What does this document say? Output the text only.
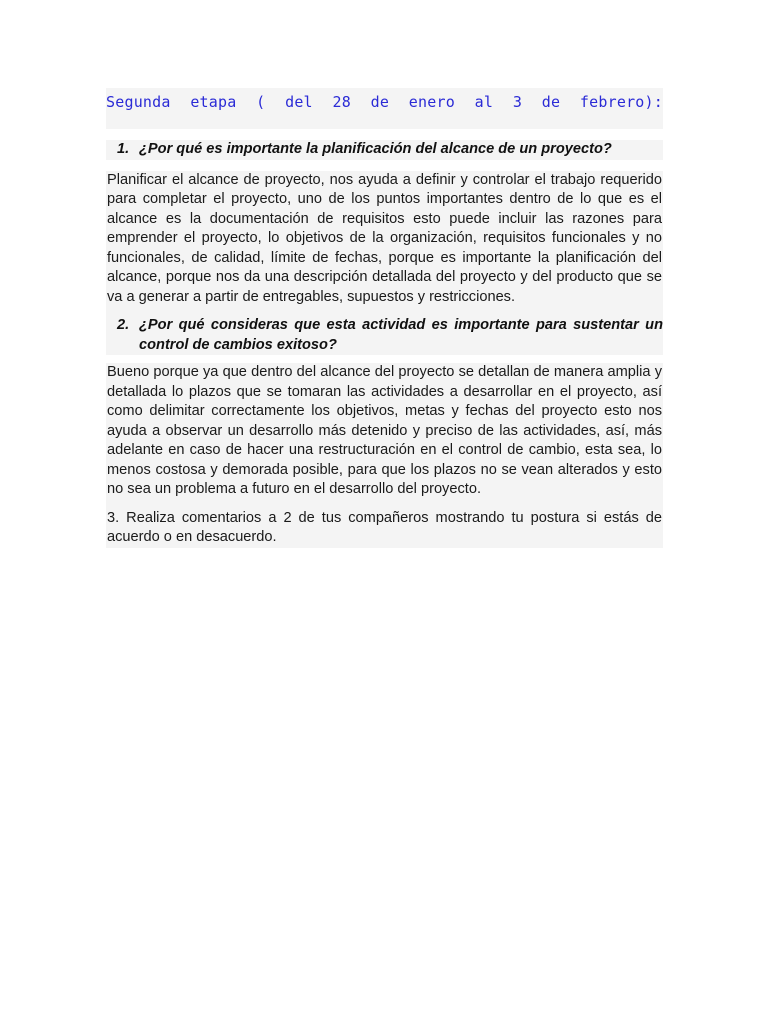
Segunda etapa ( del 28 de enero al 3 de febrero):

1. ¿Por qué es importante la planificación del alcance de un proyecto?

Planificar el alcance de proyecto, nos ayuda a definir y controlar el trabajo requerido para completar el proyecto, uno de los puntos importantes dentro de lo que es el alcance es la documentación de requisitos esto puede incluir las razones para emprender el proyecto, lo objetivos de la organización, requisitos funcionales y no funcionales, de calidad, límite de fechas, porque es importante la planificación del alcance, porque nos da una descripción detallada del proyecto y del producto que se va a generar a partir de entregables, supuestos y restricciones.

2. ¿Por qué consideras que esta actividad es importante para sustentar un control de cambios exitoso?

Bueno porque ya que dentro del alcance del proyecto se detallan de manera amplia y detallada lo plazos que se tomaran las actividades a desarrollar en el proyecto, así como delimitar correctamente los objetivos, metas y fechas del proyecto esto nos ayuda a observar un desarrollo más detenido y preciso de las actividades, así, más adelante en caso de hacer una restructuración en el control de cambio, esta sea, lo menos costosa y demorada posible, para que los plazos no se vean alterados y esto no sea un problema a futuro en el desarrollo del proyecto.

3. Realiza comentarios a 2 de tus compañeros mostrando tu postura si estás de acuerdo o en desacuerdo.
